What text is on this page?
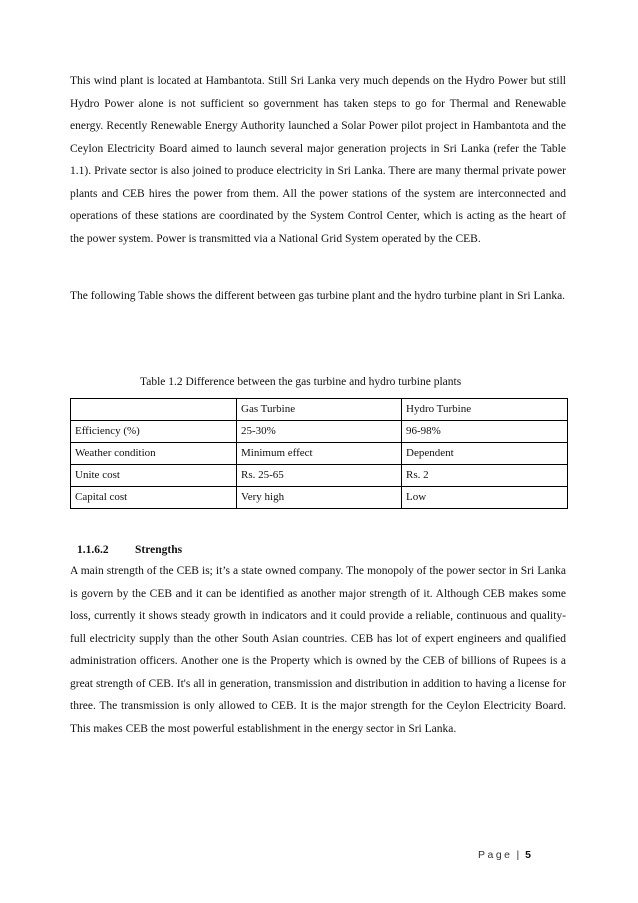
This wind plant is located at Hambantota. Still Sri Lanka very much depends on the Hydro Power but still Hydro Power alone is not sufficient so government has taken steps to go for Thermal and Renewable energy. Recently Renewable Energy Authority launched a Solar Power pilot project in Hambantota and the Ceylon Electricity Board aimed to launch several major generation projects in Sri Lanka (refer the Table 1.1). Private sector is also joined to produce electricity in Sri Lanka. There are many thermal private power plants and CEB hires the power from them. All the power stations of the system are interconnected and operations of these stations are coordinated by the System Control Center, which is acting as the heart of the power system. Power is transmitted via a National Grid System operated by the CEB.

The following Table shows the different between gas turbine plant and the hydro turbine plant in Sri Lanka.

Table 1.2 Difference between the gas turbine and hydro turbine plants
	Gas Turbine	Hydro Turbine
Efficiency (%)	25-30%	96-98%
Weather condition	Minimum effect	Dependent
Unite cost	Rs. 25-65	Rs. 2
Capital cost	Very high	Low
1.1.6.2 Strengths

A main strength of the CEB is; it’s a state owned company. The monopoly of the power sector in Sri Lanka is govern by the CEB and it can be identified as another major strength of it. Although CEB makes some loss, currently it shows steady growth in indicators and it could provide a reliable, continuous and quality-full electricity supply than the other South Asian countries. CEB has lot of expert engineers and qualified administration officers. Another one is the Property which is owned by the CEB of billions of Rupees is a great strength of CEB. It's all in generation, transmission and distribution in addition to having a license for three. The transmission is only allowed to CEB. It is the major strength for the Ceylon Electricity Board. This makes CEB the most powerful establishment in the energy sector in Sri Lanka.

Page | 5
